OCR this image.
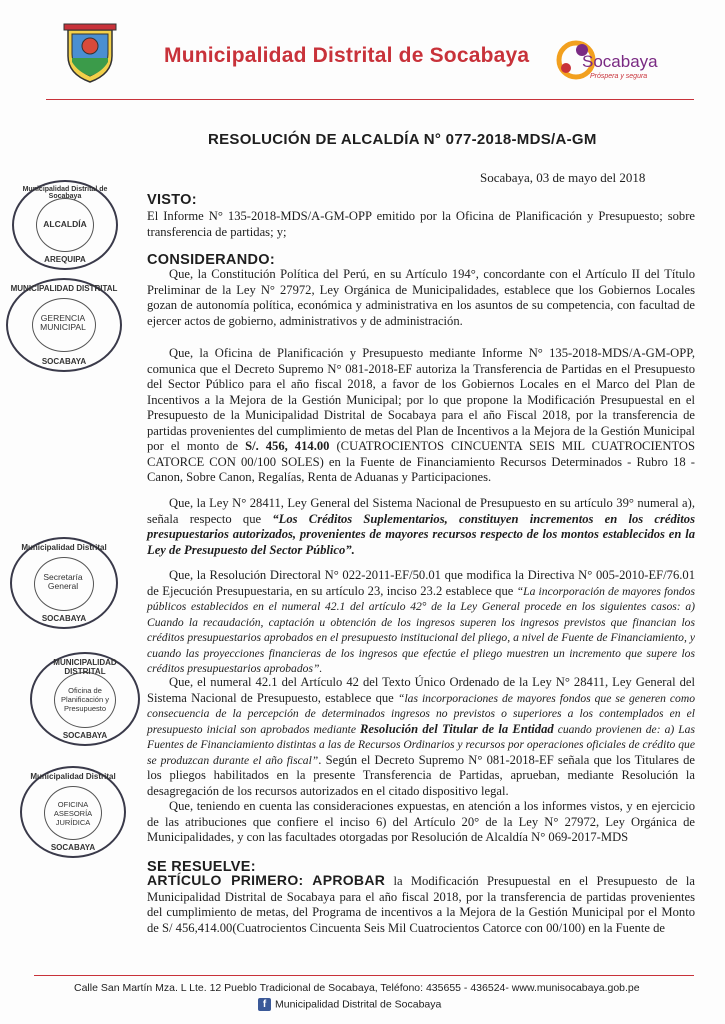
Municipalidad Distrital de Socabaya	Socabaya
Próspera y segura
RESOLUCIÓN DE ALCALDÍA N° 077-2018-MDS/A-GM
Socabaya, 03 de mayo del 2018
VISTO:
El Informe N° 135-2018-MDS/A-GM-OPP emitido por la Oficina de Planificación y Presupuesto; sobre transferencia de partidas; y;
CONSIDERANDO:
Que, la Constitución Política del Perú, en su Artículo 194°, concordante con el Artículo II del Título Preliminar de la Ley N° 27972, Ley Orgánica de Municipalidades, establece que los Gobiernos Locales gozan de autonomía política, económica y administrativa en los asuntos de su competencia, con facultad de ejercer actos de gobierno, administrativos y de administración.
Que, la Oficina de Planificación y Presupuesto mediante Informe N° 135-2018-MDS/A-GM-OPP, comunica que el Decreto Supremo N° 081-2018-EF autoriza la Transferencia de Partidas en el Presupuesto del Sector Público para el año fiscal 2018, a favor de los Gobiernos Locales en el Marco del Plan de Incentivos a la Mejora de la Gestión Municipal; por lo que propone la Modificación Presupuestal en el Presupuesto de la Municipalidad Distrital de Socabaya para el año Fiscal 2018, por la transferencia de partidas provenientes del cumplimiento de metas del Plan de Incentivos a la Mejora de la Gestión Municipal por el monto de S/. 456, 414.00 (CUATROCIENTOS CINCUENTA SEIS MIL CUATROCIENTOS CATORCE CON 00/100 SOLES) en la Fuente de Financiamiento Recursos Determinados - Rubro 18 - Canon, Sobre Canon, Regalías, Renta de Aduanas y Participaciones.
Que, la Ley N° 28411, Ley General del Sistema Nacional de Presupuesto en su artículo 39° numeral a), señala respecto que “Los Créditos Suplementarios, constituyen incrementos en los créditos presupuestarios autorizados, provenientes de mayores recursos respecto de los montos establecidos en la Ley de Presupuesto del Sector Público”.
Que, la Resolución Directoral N° 022-2011-EF/50.01 que modifica la Directiva N° 005-2010-EF/76.01 de Ejecución Presupuestaria, en su artículo 23, inciso 23.2 establece que “La incorporación de mayores fondos públicos establecidos en el numeral 42.1 del artículo 42° de la Ley General procede en los siguientes casos: a) Cuando la recaudación, captación u obtención de los ingresos superen los ingresos previstos que financian los créditos presupuestarios aprobados en el presupuesto institucional del pliego, a nivel de Fuente de Financiamiento, y cuando las proyecciones financieras de los ingresos que efectúe el pliego muestren un incremento que supere los créditos presupuestarios aprobados”.
Que, el numeral 42.1 del Artículo 42 del Texto Único Ordenado de la Ley N° 28411, Ley General del Sistema Nacional de Presupuesto, establece que “las incorporaciones de mayores fondos que se generen como consecuencia de la percepción de determinados ingresos no previstos o superiores a los contemplados en el presupuesto inicial son aprobados mediante Resolución del Titular de la Entidad cuando provienen de: a) Las Fuentes de Financiamiento distintas a las de Recursos Ordinarios y recursos por operaciones oficiales de crédito que se produzcan durante el año fiscal”. Según el Decreto Supremo N° 081-2018-EF señala que los Titulares de los pliegos habilitados en la presente Transferencia de Partidas, aprueban, mediante Resolución la desagregación de los recursos autorizados en el citado dispositivo legal.
Que, teniendo en cuenta las consideraciones expuestas, en atención a los informes vistos, y en ejercicio de las atribuciones que confiere el inciso 6) del Artículo 20° de la Ley N° 27972, Ley Orgánica de Municipalidades, y con las facultades otorgadas por Resolución de Alcaldía N° 069-2017-MDS
SE RESUELVE:
ARTÍCULO PRIMERO: APROBAR la Modificación Presupuestal en el Presupuesto de la Municipalidad Distrital de Socabaya para el año fiscal 2018, por la transferencia de partidas provenientes del cumplimiento de metas, del Programa de incentivos a la Mejora de la Gestión Municipal por el Monto de S/ 456,414.00(Cuatrocientos Cincuenta Seis Mil Cuatrocientos Catorce con 00/100) en la Fuente de
Municipalidad Distrital de Socabaya
ALCALDÍA
AREQUIPA
MUNICIPALIDAD DISTRITAL
GERENCIA MUNICIPAL
SOCABAYA
Municipalidad Distrital
Secretaría General
SOCABAYA
MUNICIPALIDAD DISTRITAL
Oficina de Planificación y Presupuesto
SOCABAYA
Municipalidad Distrital
OFICINA ASESORÍA JURÍDICA
SOCABAYA
Calle San Martín Mza. L Lte. 12 Pueblo Tradicional de Socabaya, Teléfono: 435655 - 436524- www.munisocabaya.gob.pe
f Municipalidad Distrital de Socabaya
